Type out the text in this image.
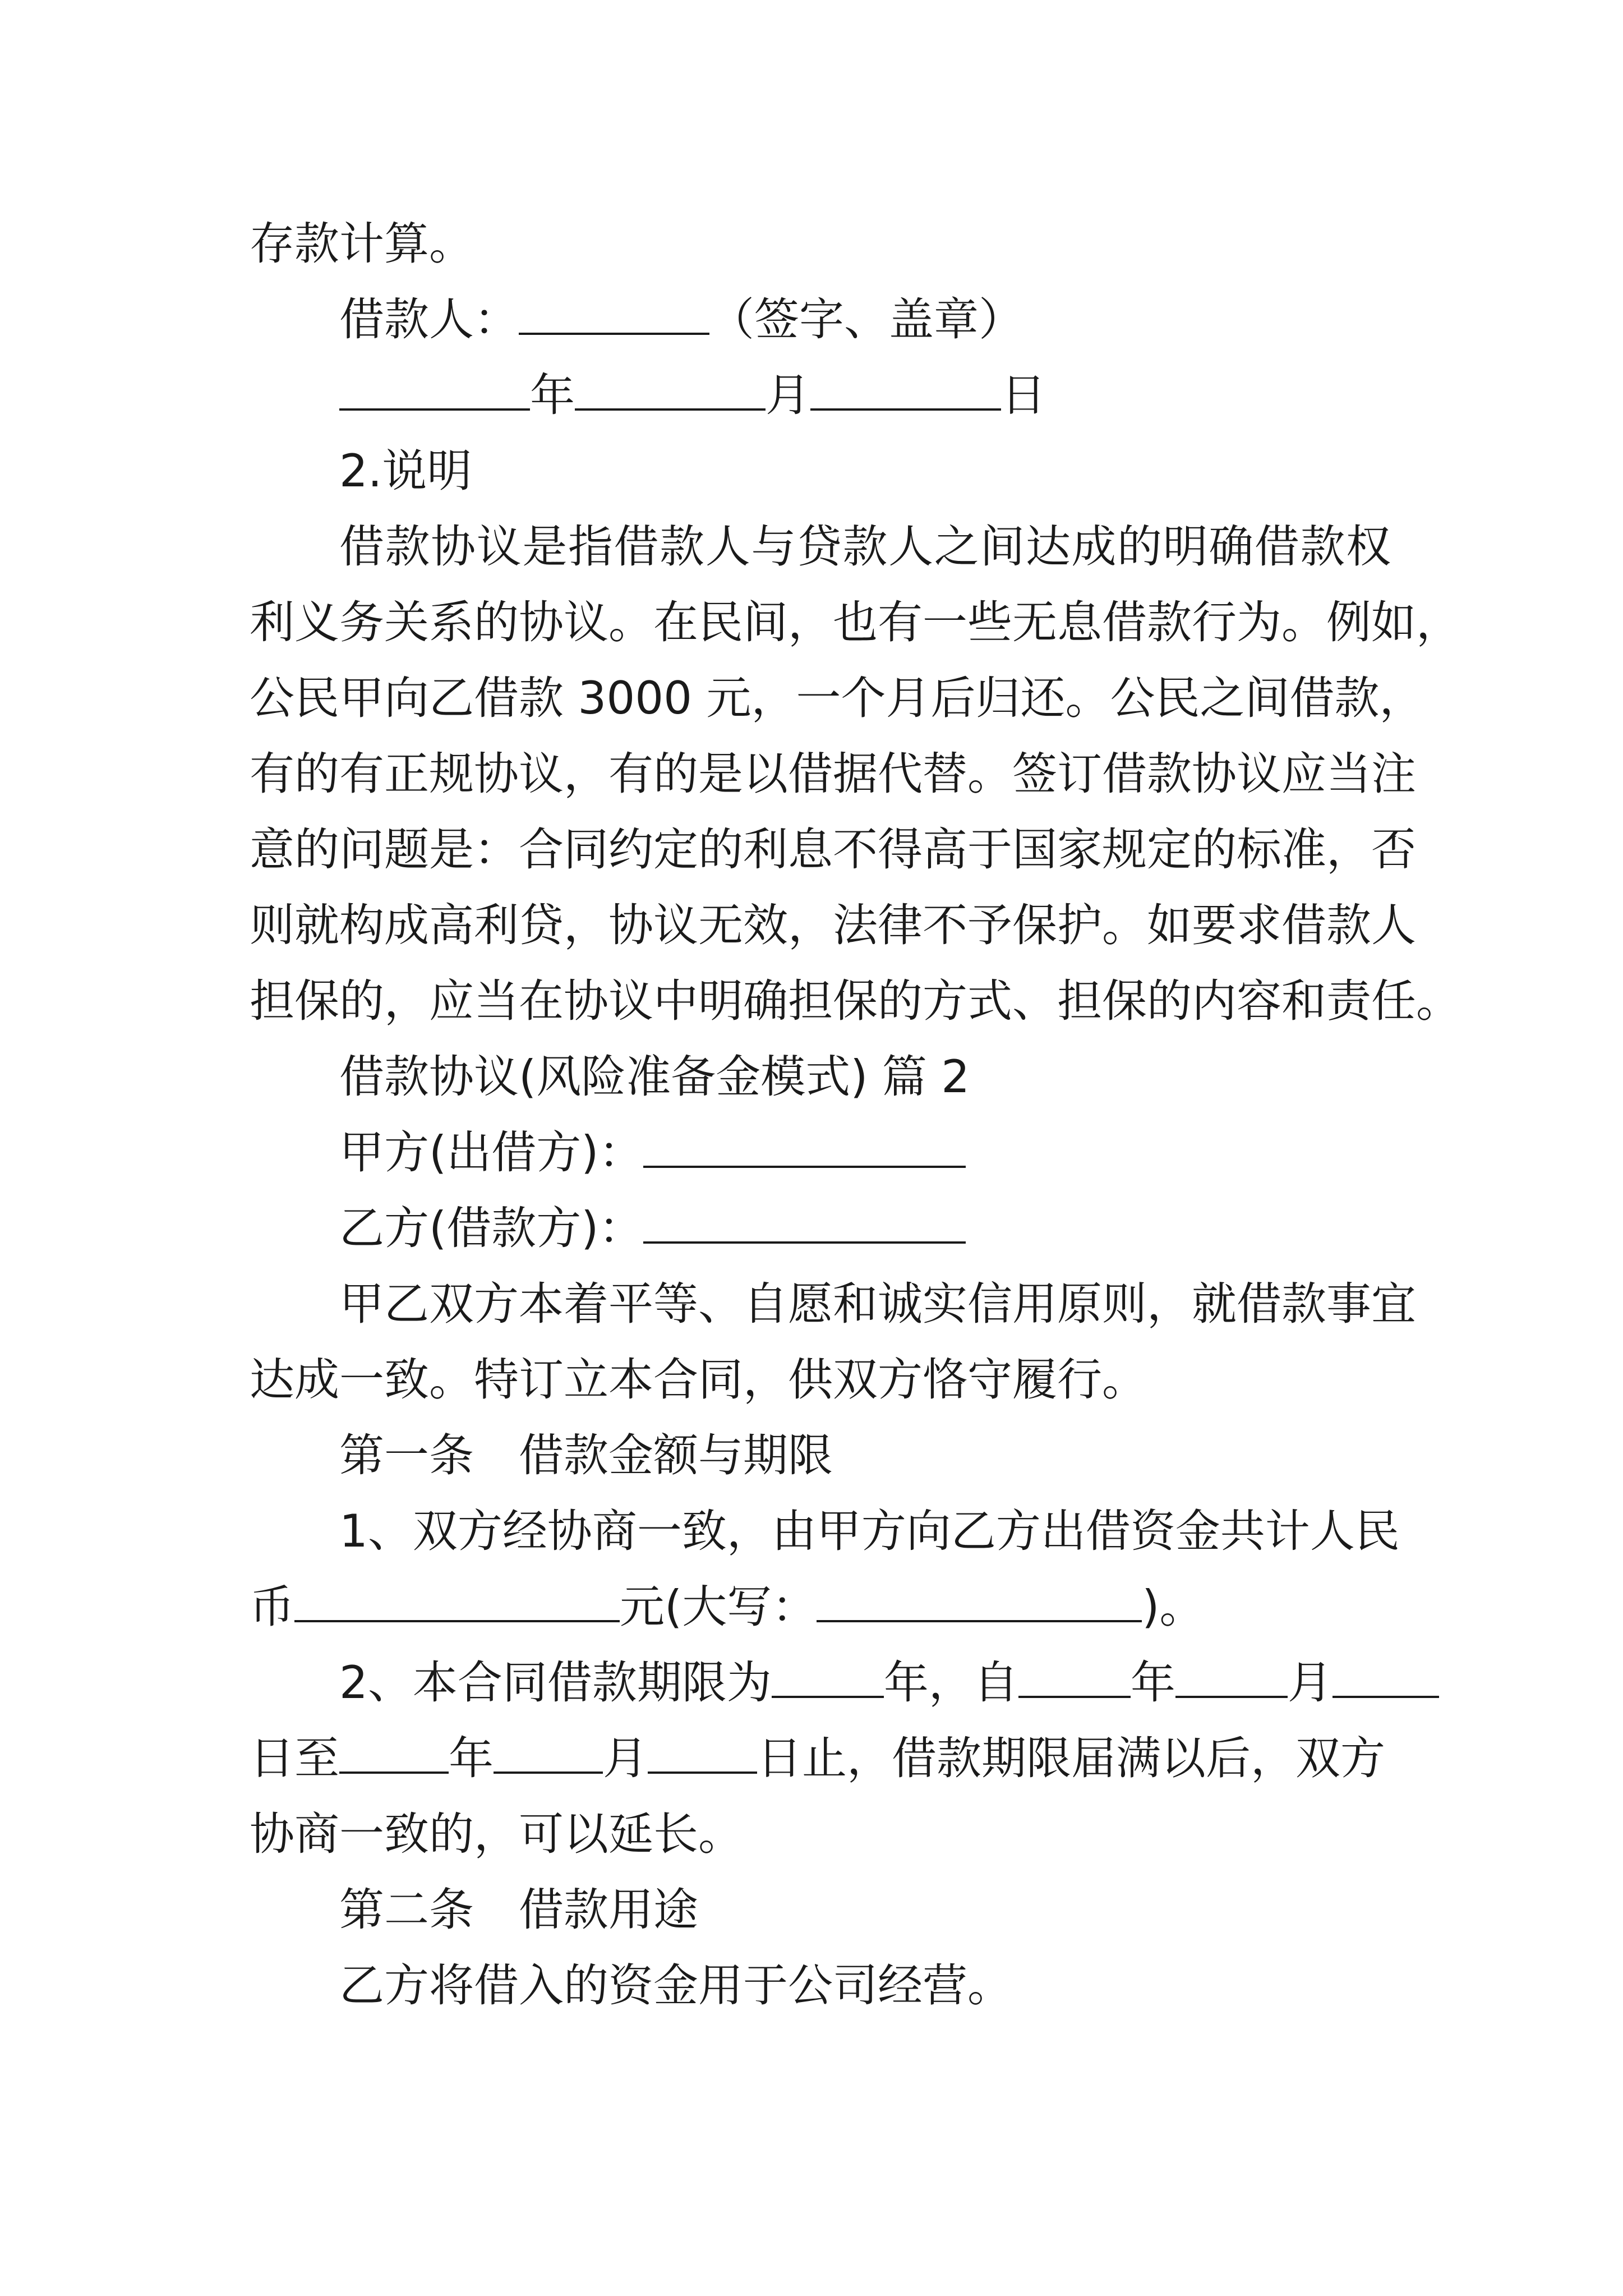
存款计算。
借款人：	（签字、盖章）
年	月	日
2.说明
借款协议是指借款人与贷款人之间达成的明确借款权
利义务关系的协议。在民间，也有一些无息借款行为。例如，
公民甲向乙借款 3000 元，一个月后归还。公民之间借款，
有的有正规协议，有的是以借据代替。签订借款协议应当注
意的问题是：合同约定的利息不得高于国家规定的标准，否
则就构成高利贷，协议无效，法律不予保护。如要求借款人
担保的，应当在协议中明确担保的方式、担保的内容和责任。
借款协议(风险准备金模式) 篇 2
甲方(出借方)：
乙方(借款方)：
甲乙双方本着平等、自愿和诚实信用原则，就借款事宜
达成一致。特订立本合同，供双方恪守履行。
第一条　借款金额与期限
1、双方经协商一致，由甲方向乙方出借资金共计人民
币	元(大写：	)。
2、本合同借款期限为	年，自	年	月
日至 年 月 日止，借款期限届满以后，双方
协商一致的，可以延长。
第二条　借款用途
乙方将借入的资金用于公司经营。
